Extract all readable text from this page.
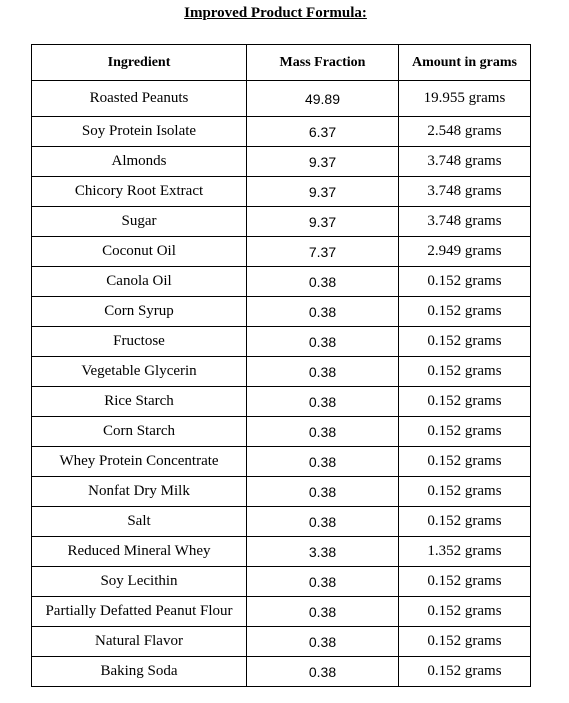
Improved Product Formula:
Ingredient	Mass Fraction	Amount in grams
Roasted Peanuts	49.89	19.955 grams
Soy Protein Isolate	6.37	2.548 grams
Almonds	9.37	3.748 grams
Chicory Root Extract	9.37	3.748 grams
Sugar	9.37	3.748 grams
Coconut Oil	7.37	2.949 grams
Canola Oil	0.38	0.152 grams
Corn Syrup	0.38	0.152 grams
Fructose	0.38	0.152 grams
Vegetable Glycerin	0.38	0.152 grams
Rice Starch	0.38	0.152 grams
Corn Starch	0.38	0.152 grams
Whey Protein Concentrate	0.38	0.152 grams
Nonfat Dry Milk	0.38	0.152 grams
Salt	0.38	0.152 grams
Reduced Mineral Whey	3.38	1.352 grams
Soy Lecithin	0.38	0.152 grams
Partially Defatted Peanut Flour	0.38	0.152 grams
Natural Flavor	0.38	0.152 grams
Baking Soda	0.38	0.152 grams
